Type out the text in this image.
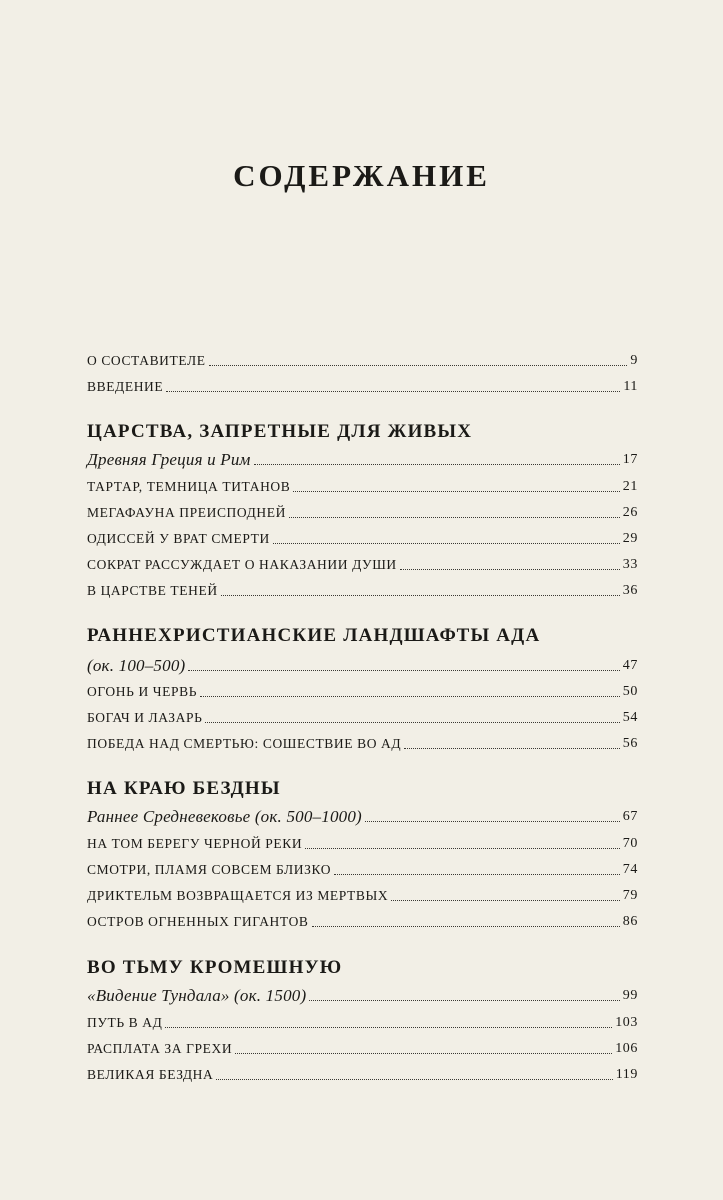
СОДЕРЖАНИЕ
О СОСТАВИТЕЛЕ	9
ВВЕДЕНИЕ	11
ЦАРСТВА, ЗАПРЕТНЫЕ ДЛЯ ЖИВЫХ
Древняя Греция и Рим	17
ТАРТАР, ТЕМНИЦА ТИТАНОВ	21
МЕГАФАУНА ПРЕИСПОДНЕЙ	26
ОДИССЕЙ У ВРАТ СМЕРТИ	29
СОКРАТ РАССУЖДАЕТ О НАКАЗАНИИ ДУШИ	33
В ЦАРСТВЕ ТЕНЕЙ	36
РАННЕХРИСТИАНСКИЕ ЛАНДШАФТЫ АДА
(ок. 100–500)	47
ОГОНЬ И ЧЕРВЬ	50
БОГАЧ И ЛАЗАРЬ	54
ПОБЕДА НАД СМЕРТЬЮ: СОШЕСТВИЕ ВО АД	56
НА КРАЮ БЕЗДНЫ
Раннее Средневековье (ок. 500–1000)	67
НА ТОМ БЕРЕГУ ЧЕРНОЙ РЕКИ	70
СМОТРИ, ПЛАМЯ СОВСЕМ БЛИЗКО	74
ДРИКТЕЛЬМ ВОЗВРАЩАЕТСЯ ИЗ МЕРТВЫХ	79
ОСТРОВ ОГНЕННЫХ ГИГАНТОВ	86
ВО ТЬМУ КРОМЕШНУЮ
«Видение Тундала» (ок. 1500)	99
ПУТЬ В АД	103
РАСПЛАТА ЗА ГРЕХИ	106
ВЕЛИКАЯ БЕЗДНА	119
